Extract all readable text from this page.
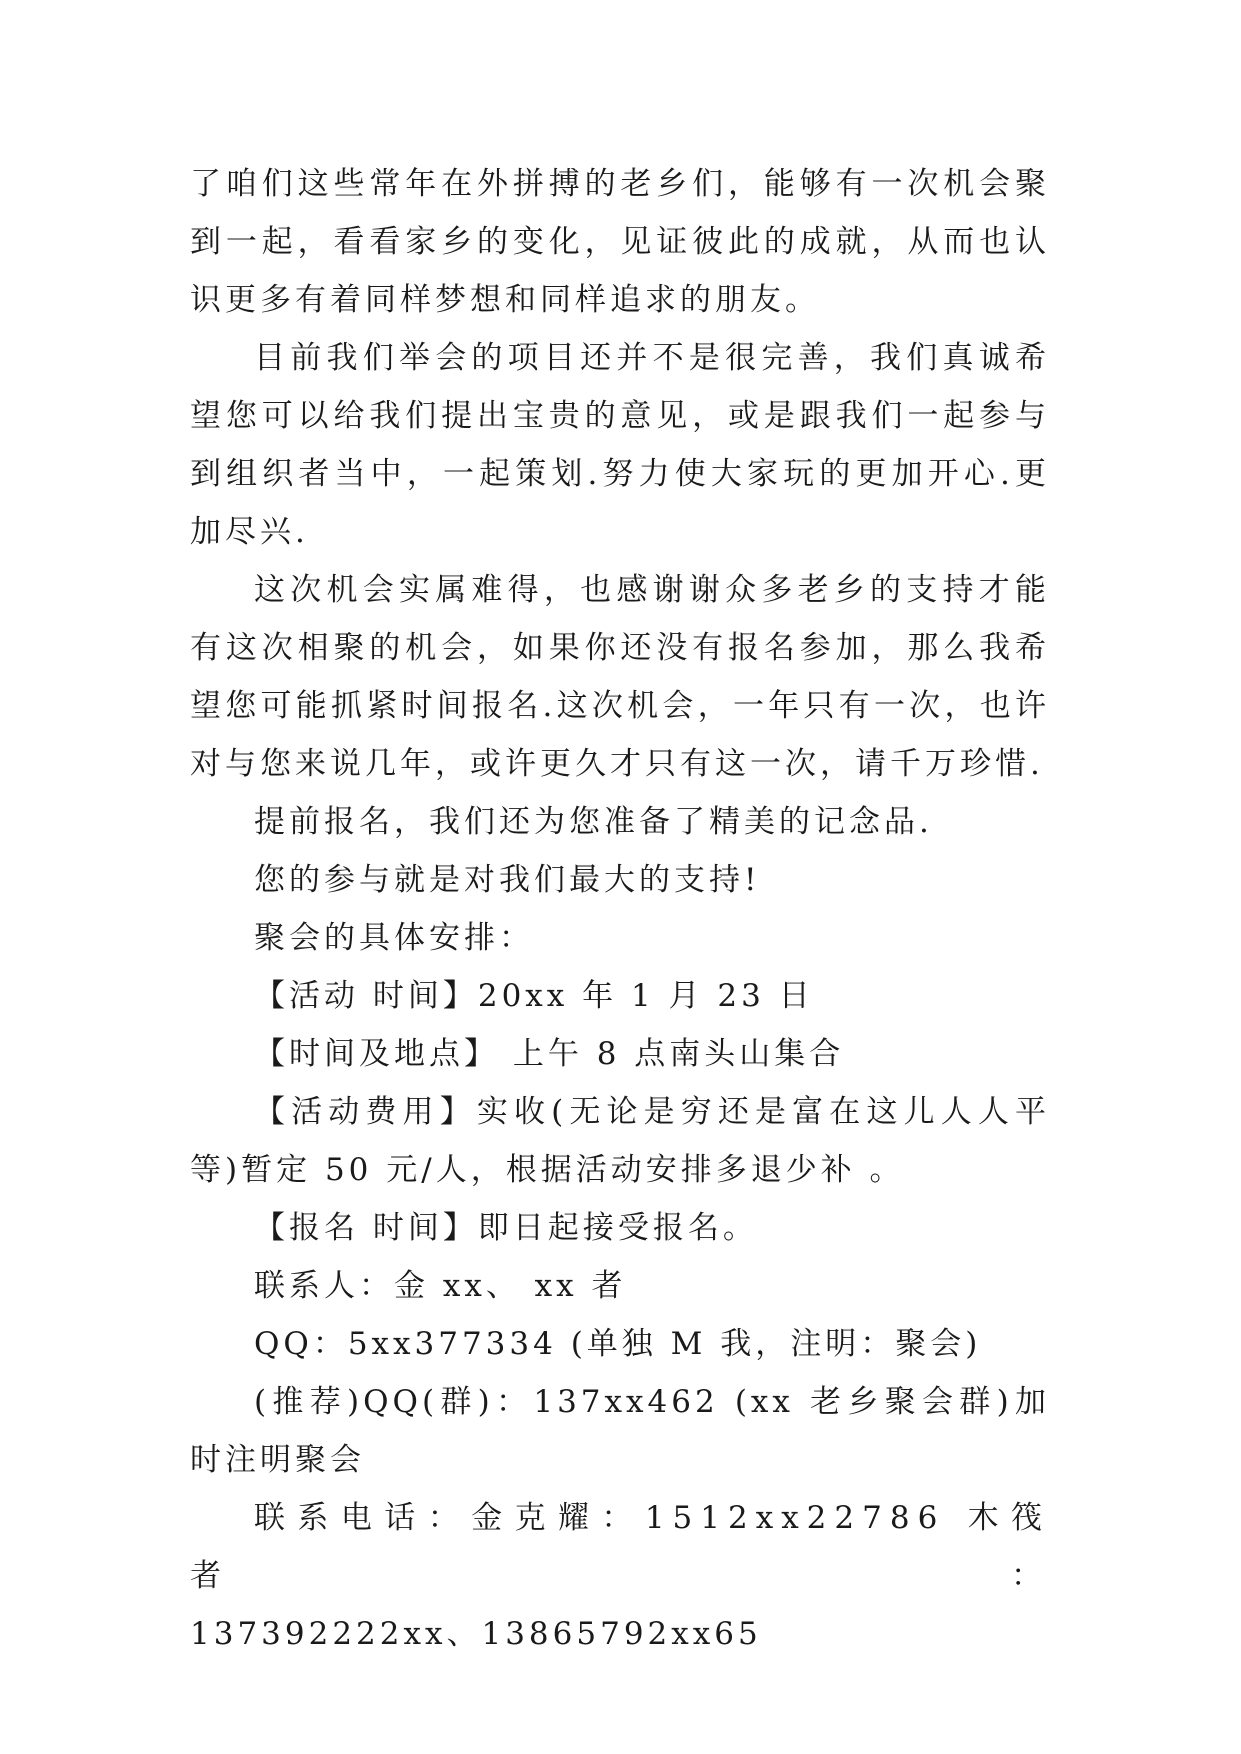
了咱们这些常年在外拼搏的老乡们，能够有一次机会聚到一起，看看家乡的变化，见证彼此的成就，从而也认识更多有着同样梦想和同样追求的朋友。

目前我们举会的项目还并不是很完善，我们真诚希望您可以给我们提出宝贵的意见，或是跟我们一起参与到组织者当中，一起策划.努力使大家玩的更加开心.更加尽兴.

这次机会实属难得，也感谢谢众多老乡的支持才能有这次相聚的机会，如果你还没有报名参加，那么我希望您可能抓紧时间报名.这次机会，一年只有一次，也许对与您来说几年，或许更久才只有这一次，请千万珍惜.

提前报名，我们还为您准备了精美的记念品.

您的参与就是对我们最大的支持!

聚会的具体安排：

【活动 时间】20xx 年 1 月 23 日

【时间及地点】 上午 8 点南头山集合

【活动费用】实收(无论是穷还是富在这儿人人平等)暂定 50 元/人，根据活动安排多退少补 。

【报名 时间】即日起接受报名。

联系人：金 xx、 xx 者

QQ：5xx377334 (单独 M 我，注明：聚会)

(推荐)QQ(群)：137xx462 (xx 老乡聚会群)加时注明聚会

联系电话：金克耀：1512xx22786 木筏者：

137392222xx、13865792xx65
